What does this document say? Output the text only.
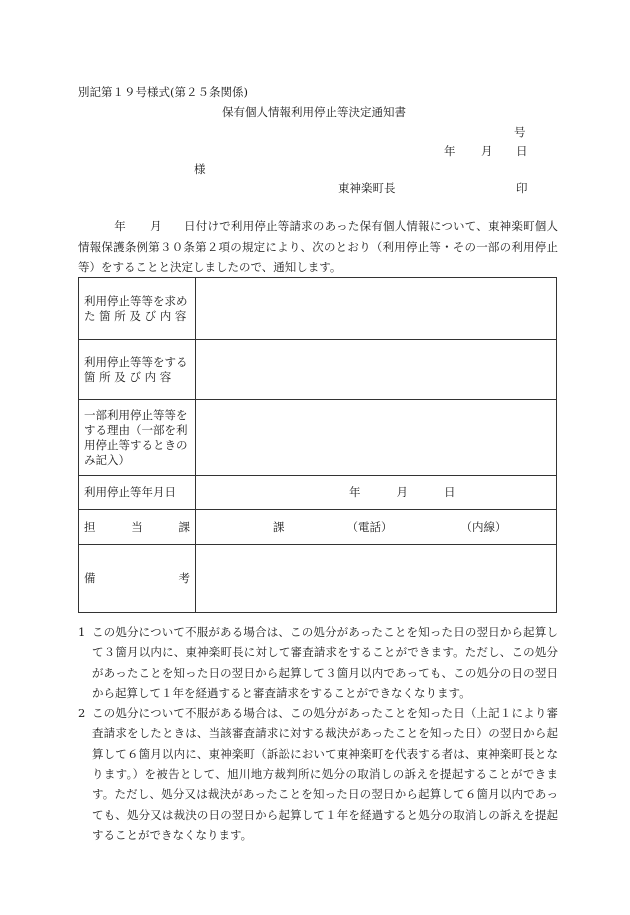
別記第１９号様式(第２５条関係)
保有個人情報利用停止等決定通知書
号
年 月 日
様
東神楽町長	印
年 月 日付けで利用停止等請求のあった保有個人情報について、東神楽町個人情報保護条例第３０条第２項の規定により、次のとおり（利用停止等・その一部の利用停止等）をすることと決定しましたので、通知します。
利用停止等等を求めた 箇 所 及 び 内 容	
利用停止等等をする箇 所 及 び 内 容	
一部利用停止等等をする理由（一部を利用停止等するときのみ記入）	
利用停止等年月日	年 月 日

担 当 課	課 （電話） （内線）

備 考	

1 この処分について不服がある場合は、この処分があったことを知った日の翌日から起算して３箇月以内に、東神楽町長に対して審査請求をすることができます。ただし、この処分があったことを知った日の翌日から起算して３箇月以内であっても、この処分の日の翌日から起算して１年を経過すると審査請求をすることができなくなります。
2 この処分について不服がある場合は、この処分があったことを知った日（上記１により審査請求をしたときは、当該審査請求に対する裁決があったことを知った日）の翌日から起算して６箇月以内に、東神楽町（訴訟において東神楽町を代表する者は、東神楽町長となります。）を被告として、旭川地方裁判所に処分の取消しの訴えを提起することができます。ただし、処分又は裁決があったことを知った日の翌日から起算して６箇月以内であっても、処分又は裁決の日の翌日から起算して１年を経過すると処分の取消しの訴えを提起することができなくなります。
